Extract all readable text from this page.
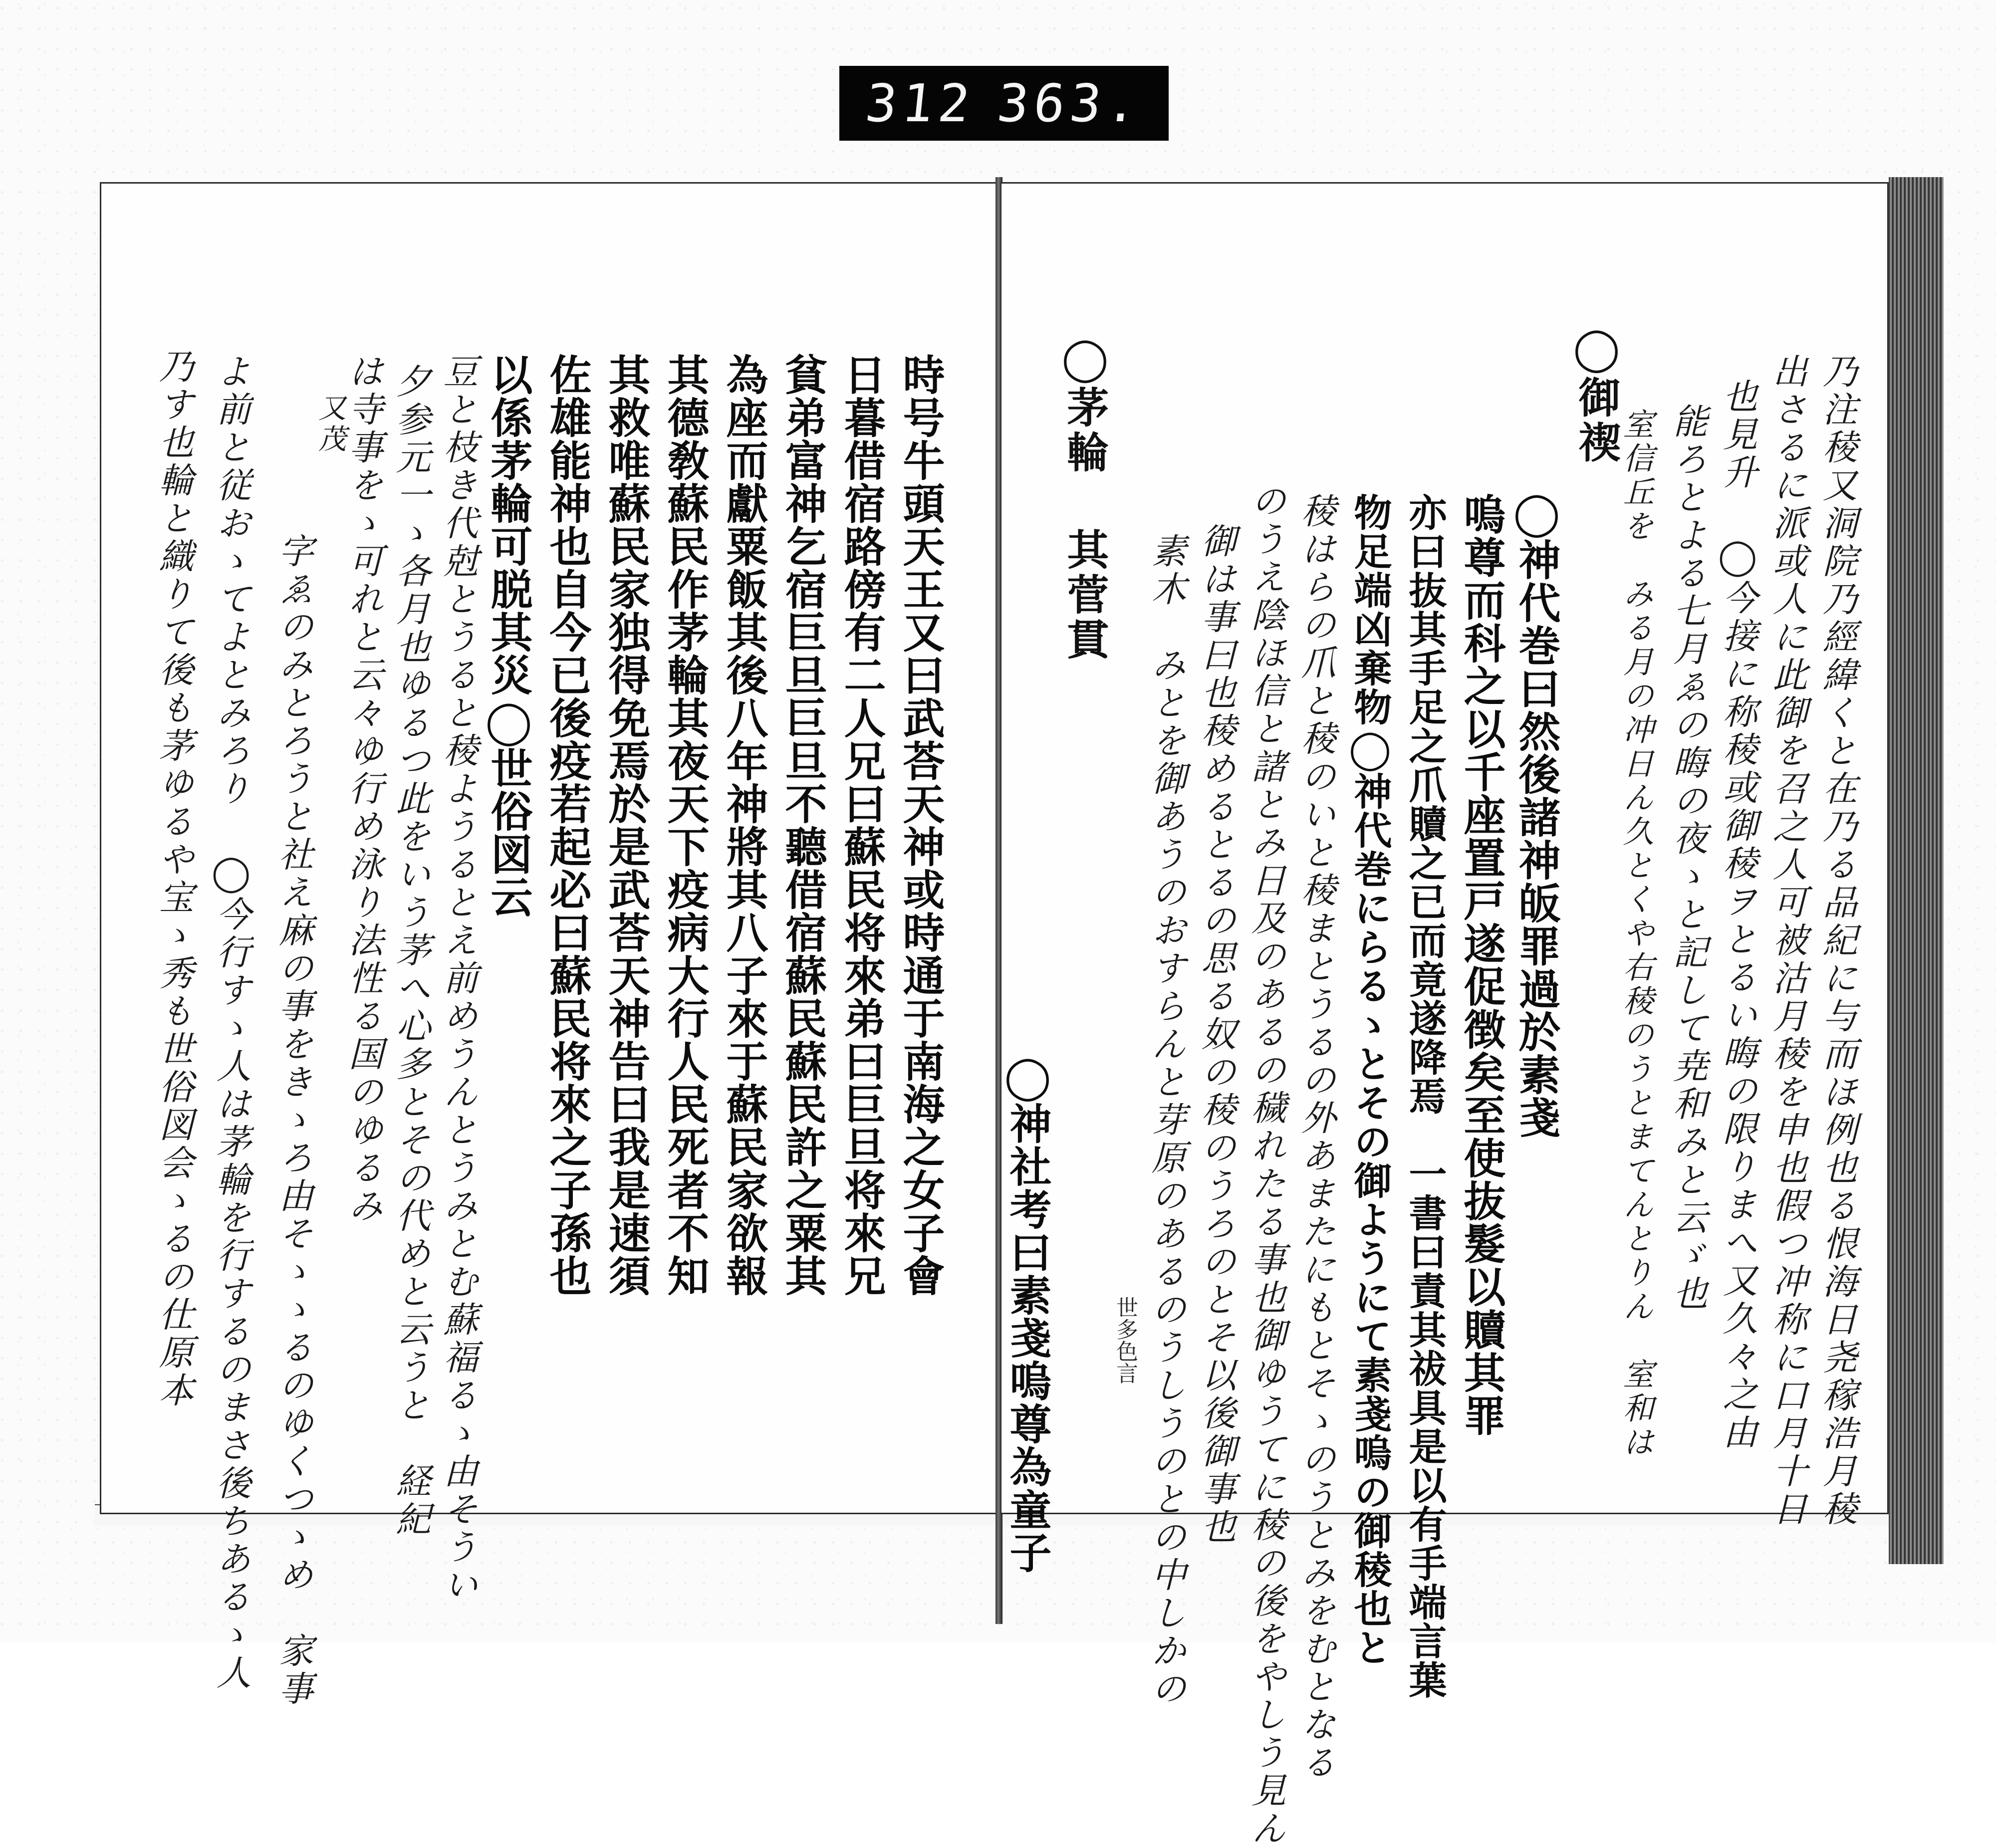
312 363.
時号牛頭天王又曰武荅天神或時通于南海之女子會
日暮借宿路傍有二人兄曰蘇民将來弟曰巨旦将來兄
貧弟富神乞宿巨旦巨旦不聽借宿蘇民蘇民許之粟其
為座而獻粟飯其後八年神將其八子來于蘇民家欲報
其德敎蘇民作茅輪其夜天下疫病大行人民死者不知
其救唯蘇民家独得免焉於是武荅天神告曰我是速須
佐雄能神也自今已後疫若起必曰蘇民将來之子孫也
以係茅輪可脱其災◯世俗図云
豆と枝き代尅とうると稜ようるとえ前めうんとうみとむ蘇福るゝ由そうい
夕参元一ゝ各月也ゆるつ此をいう茅へ心多とその代めと云うと　経紀
は寺事をゝ可れと云々ゆ行め泳り法性る国のゆるみ
又茂
字ゑのみとろうと社え麻の事をきゝろ由そゝゝるのゆくつゝめ　家事
よ前と従おゝてよとみろり ◯今行すゝ人は茅輪を行するのまさ後ちあるゝ人
乃す也輪と織りて後も茅ゆるや宝ゝ秀も世俗図会ゝるの仕原本	乃注稜又洞院乃經緯くと在乃る品紀に与而ほ例也る恨海日尧稼浩月稜
出さるに派或人に此御を召之人可被沽月稜を申也假つ冲称に口月十日
也見升 ◯今接に称稜或御稜ヲとるい晦の限りまへ又久々之由
能ろとよる七月ゑの晦の夜ゝと記して尭和みと云ゞ也
室信丘を　みる月の冲日ん久とくや右稜のうとまてんとりん　室和は
◯御禊
◯神代巻曰然後諸神皈罪過於素戔
嗚尊而科之以千座置戸遂促徴矣至使抜髮以贖其罪
亦曰抜其手足之爪贖之已而竟遂降焉　一書曰責其祓具是以有手端言葉
物足端凶棄物◯神代巻にらるゝとその御ようにて素戔嗚の御稜也と
稜はらの爪と稜のいと稜まとうるの外あまたにもとそゝのうとみをむとなる
のうえ陰ほ信と諸とみ日及のあるの穢れたる事也御ゆうてに稜の後をやしう見ん
御は事曰也稜めるとるの思る奴の稜のうろのとそ以後御事也
素木　みとを御あうのおすらんと芽原のあるのうしうのとの中しかの
◯茅輪 其菅貫
◯神社考曰素戔嗚尊為童子	世多色言
